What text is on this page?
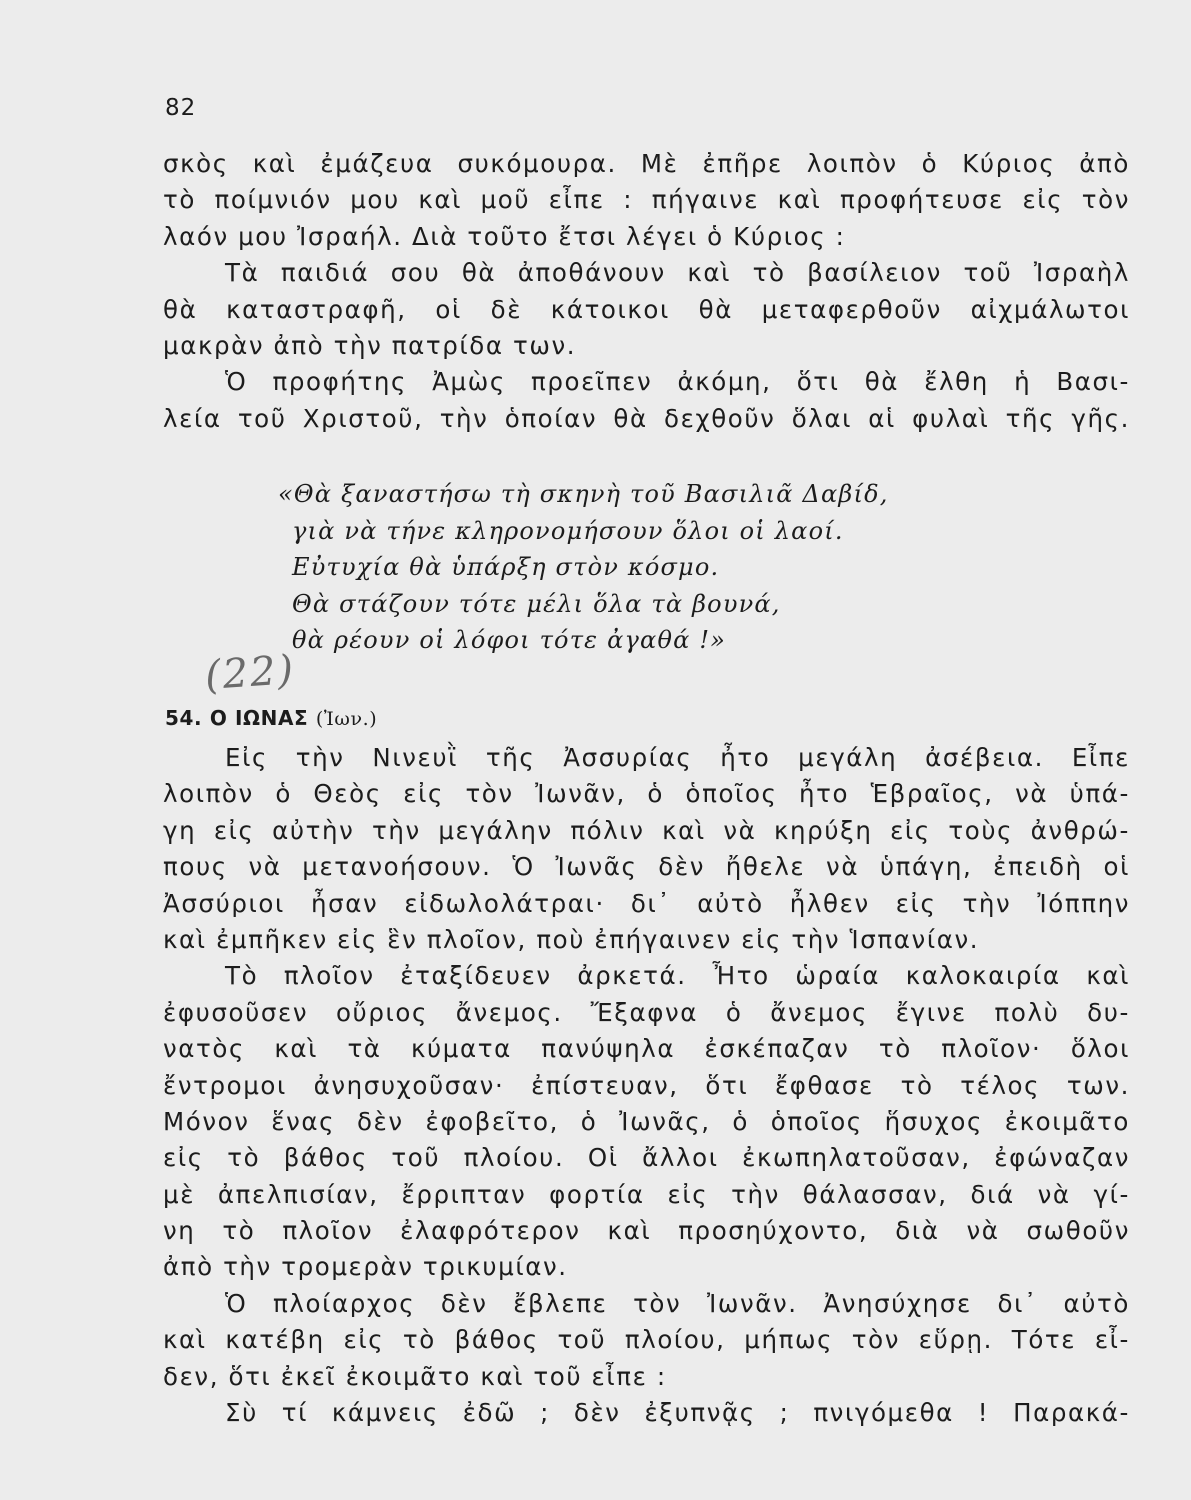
82
σκὸς καὶ ἐμάζευα συκόμουρα. Μὲ ἐπῆρε λοιπὸν ὁ Κύριος ἀπὸ
τὸ ποίμνιόν μου καὶ μοῦ εἶπε : πήγαινε καὶ προφήτευσε εἰς τὸν
λαόν μου Ἰσραήλ. Διὰ τοῦτο ἔτσι λέγει ὁ Κύριος :
Τὰ παιδιά σου θὰ ἀποθάνουν καὶ τὸ βασίλειον τοῦ Ἰσραὴλ
θὰ καταστραφῆ, οἱ δὲ κάτοικοι θὰ μεταφερθοῦν αἰχμάλωτοι
μακρὰν ἀπὸ τὴν πατρίδα των.
Ὁ προφήτης Ἀμὼς προεῖπεν ἀκόμη, ὅτι θὰ ἔλθη ἡ Βασι-
λεία τοῦ Χριστοῦ, τὴν ὁποίαν θὰ δεχθοῦν ὅλαι αἱ φυλαὶ τῆς γῆς.
«Θὰ ξαναστήσω τὴ σκηνὴ τοῦ Βασιλιᾶ Δαβίδ,
γιὰ νὰ τήνε κληρονομήσουν ὅλοι οἱ λαοί.
Εὐτυχία θὰ ὑπάρξη στὸν κόσμο.
Θὰ στάζουν τότε μέλι ὅλα τὰ βουνά,
θὰ ρέουν οἱ λόφοι τότε ἀγαθά !»
(22)
54. Ο ΙΩΝΑΣ (Ἰων.)
Εἰς τὴν Νινευῒ τῆς Ἀσσυρίας ἦτο μεγάλη ἀσέβεια. Εἶπε
λοιπὸν ὁ Θεὸς εἰς τὸν Ἰωνᾶν, ὁ ὁποῖος ἦτο Ἑβραῖος, νὰ ὑπά-
γη εἰς αὐτὴν τὴν μεγάλην πόλιν καὶ νὰ κηρύξη εἰς τοὺς ἀνθρώ-
πους νὰ μετανοήσουν. Ὁ Ἰωνᾶς δὲν ἤθελε νὰ ὑπάγη, ἐπειδὴ οἱ
Ἀσσύριοι ἦσαν εἰδωλολάτραι· δι᾽ αὐτὸ ἦλθεν εἰς τὴν Ἰόππην
καὶ ἐμπῆκεν εἰς ἓν πλοῖον, ποὺ ἐπήγαινεν εἰς τὴν Ἱσπανίαν.
Τὸ πλοῖον ἐταξίδευεν ἀρκετά. Ἦτο ὡραία καλοκαιρία καὶ
ἐφυσοῦσεν οὔριος ἄνεμος. Ἔξαφνα ὁ ἄνεμος ἔγινε πολὺ δυ-
νατὸς καὶ τὰ κύματα πανύψηλα ἐσκέπαζαν τὸ πλοῖον· ὅλοι
ἔντρομοι ἀνησυχοῦσαν· ἐπίστευαν, ὅτι ἔφθασε τὸ τέλος των.
Μόνον ἕνας δὲν ἐφοβεῖτο, ὁ Ἰωνᾶς, ὁ ὁποῖος ἥσυχος ἐκοιμᾶτο
εἰς τὸ βάθος τοῦ πλοίου. Οἱ ἄλλοι ἐκωπηλατοῦσαν, ἐφώναζαν
μὲ ἀπελπισίαν, ἔρριπταν φορτία εἰς τὴν θάλασσαν, διά νὰ γί-
νη τὸ πλοῖον ἐλαφρότερον καὶ προσηύχοντο, διὰ νὰ σωθοῦν
ἀπὸ τὴν τρομερὰν τρικυμίαν.
Ὁ πλοίαρχος δὲν ἔβλεπε τὸν Ἰωνᾶν. Ἀνησύχησε δι᾽ αὐτὸ
καὶ κατέβη εἰς τὸ βάθος τοῦ πλοίου, μήπως τὸν εὕρῃ. Τότε εἶ-
δεν, ὅτι ἐκεῖ ἐκοιμᾶτο καὶ τοῦ εἶπε :
Σὺ τί κάμνεις ἐδῶ ; δὲν ἐξυπνᾷς ; πνιγόμεθα ! Παρακά-
